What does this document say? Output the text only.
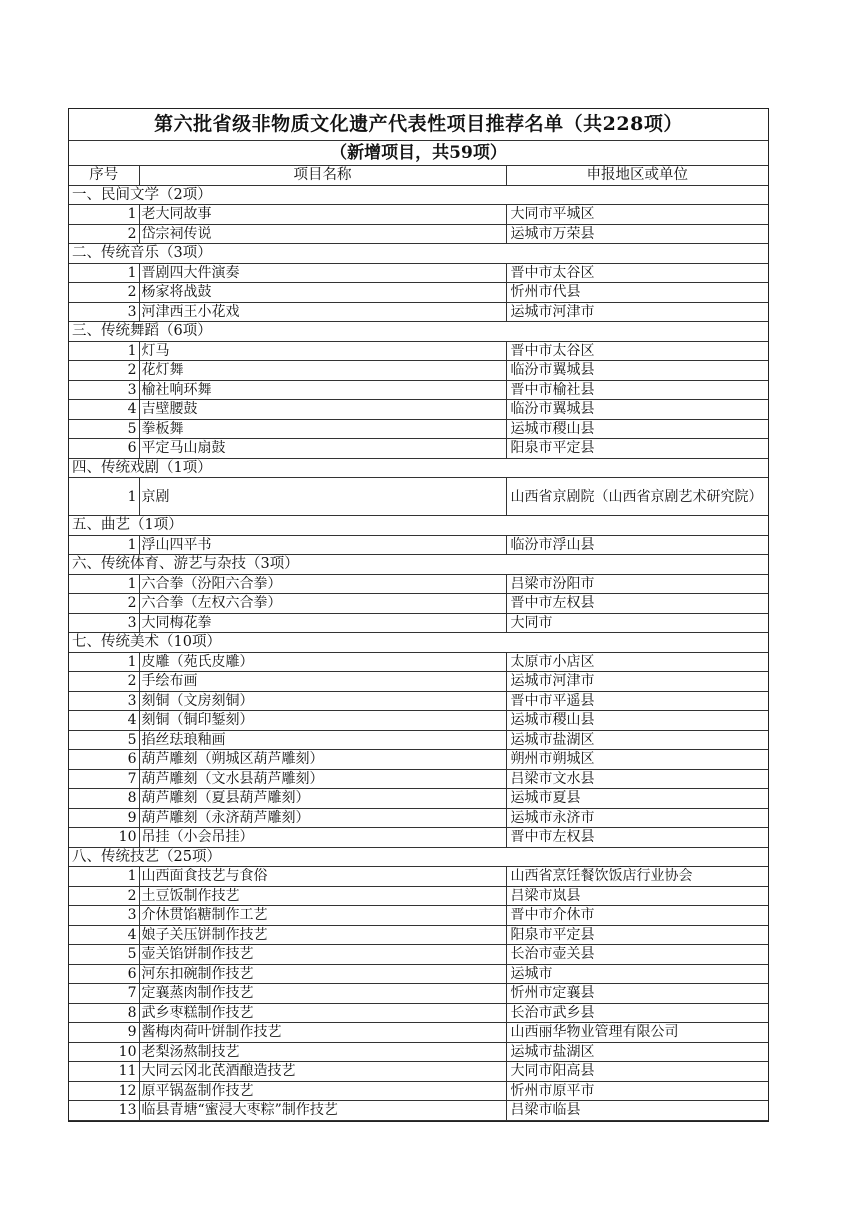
第六批省级非物质文化遗产代表性项目推荐名单（共228项）
（新增项目，共59项）
序号	项目名称	申报地区或单位
一、民间文学（2项）		
1	老大同故事	大同市平城区
2	岱宗祠传说	运城市万荣县
二、传统音乐（3项）		
1	晋剧四大件演奏	晋中市太谷区
2	杨家将战鼓	忻州市代县
3	河津西王小花戏	运城市河津市
三、传统舞蹈（6项）		
1	灯马	晋中市太谷区
2	花灯舞	临汾市翼城县
3	榆社响环舞	晋中市榆社县
4	吉壁腰鼓	临汾市翼城县
5	拳板舞	运城市稷山县
6	平定马山扇鼓	阳泉市平定县
四、传统戏剧（1项）		
1	京剧	山西省京剧院（山西省京剧艺术研究院）
五、曲艺（1项）		
1	浮山四平书	临汾市浮山县
六、传统体育、游艺与杂技（3项）		
1	六合拳（汾阳六合拳）	吕梁市汾阳市
2	六合拳（左权六合拳）	晋中市左权县
3	大同梅花拳	大同市
七、传统美术（10项）		
1	皮雕（苑氏皮雕）	太原市小店区
2	手绘布画	运城市河津市
3	刻铜（文房刻铜）	晋中市平遥县
4	刻铜（铜印錾刻）	运城市稷山县
5	掐丝珐琅釉画	运城市盐湖区
6	葫芦雕刻（朔城区葫芦雕刻）	朔州市朔城区
7	葫芦雕刻（文水县葫芦雕刻）	吕梁市文水县
8	葫芦雕刻（夏县葫芦雕刻）	运城市夏县
9	葫芦雕刻（永济葫芦雕刻）	运城市永济市
10	吊挂（小会吊挂）	晋中市左权县
八、传统技艺（25项）		
1	山西面食技艺与食俗	山西省烹饪餐饮饭店行业协会
2	土豆饭制作技艺	吕梁市岚县
3	介休贯馅糖制作工艺	晋中市介休市
4	娘子关压饼制作技艺	阳泉市平定县
5	壶关馅饼制作技艺	长治市壶关县
6	河东扣碗制作技艺	运城市
7	定襄蒸肉制作技艺	忻州市定襄县
8	武乡枣糕制作技艺	长治市武乡县
9	酱梅肉荷叶饼制作技艺	山西丽华物业管理有限公司
10	老梨汤熬制技艺	运城市盐湖区
11	大同云冈北芪酒酿造技艺	大同市阳高县
12	原平锅盔制作技艺	忻州市原平市
13	临县青塘“蜜浸大枣粽”制作技艺	吕梁市临县
